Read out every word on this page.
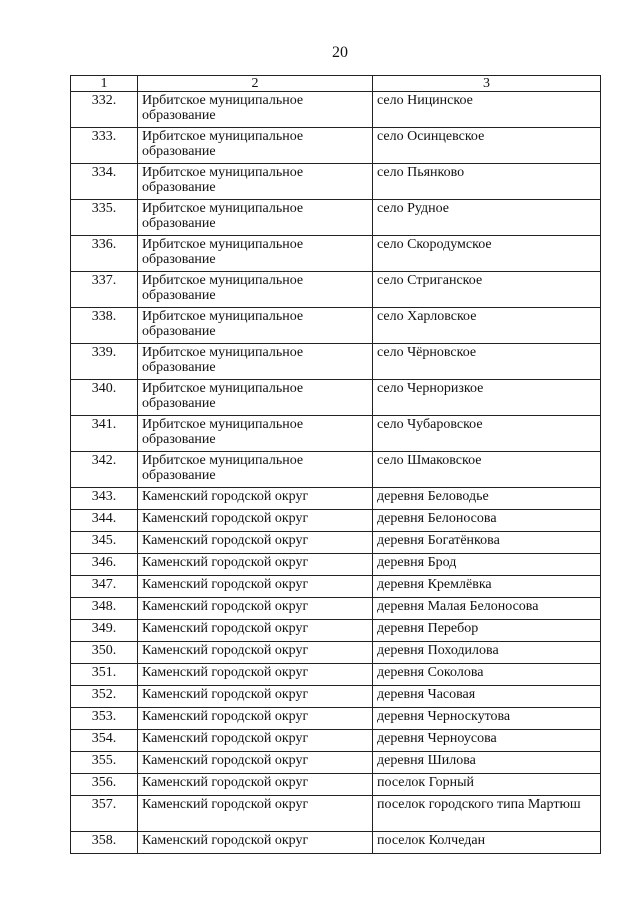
20
1	2	3
332.	Ирбитское муниципальное образование	село Ницинское
333.	Ирбитское муниципальное образование	село Осинцевское
334.	Ирбитское муниципальное образование	село Пьянково
335.	Ирбитское муниципальное образование	село Рудное
336.	Ирбитское муниципальное образование	село Скородумское
337.	Ирбитское муниципальное образование	село Стриганское
338.	Ирбитское муниципальное образование	село Харловское
339.	Ирбитское муниципальное образование	село Чёрновское
340.	Ирбитское муниципальное образование	село Черноризкое
341.	Ирбитское муниципальное образование	село Чубаровское
342.	Ирбитское муниципальное образование	село Шмаковское
343.	Каменский городской округ	деревня Беловодье
344.	Каменский городской округ	деревня Белоносова
345.	Каменский городской округ	деревня Богатёнкова
346.	Каменский городской округ	деревня Брод
347.	Каменский городской округ	деревня Кремлёвка
348.	Каменский городской округ	деревня Малая Белоносова
349.	Каменский городской округ	деревня Перебор
350.	Каменский городской округ	деревня Походилова
351.	Каменский городской округ	деревня Соколова
352.	Каменский городской округ	деревня Часовая
353.	Каменский городской округ	деревня Черноскутова
354.	Каменский городской округ	деревня Черноусова
355.	Каменский городской округ	деревня Шилова
356.	Каменский городской округ	поселок Горный
357.	Каменский городской округ	поселок городского типа Мартюш
358.	Каменский городской округ	поселок Колчедан
